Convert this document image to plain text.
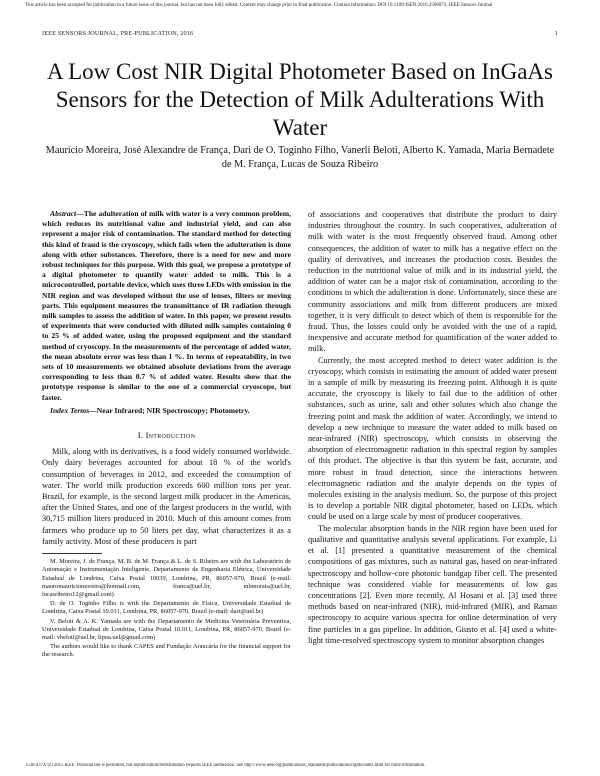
This article has been accepted for publication in a future issue of this journal, but has not been fully edited. Content may change prior to final publication. Citation information: DOI 10.1109/JSEN.2016.2506073, IEEE Sensors Journal
IEEE SENSORS JOURNAL, PRE-PUBLICATION, 2016	1
A Low Cost NIR Digital Photometer Based on InGaAs Sensors for the Detection of Milk Adulterations With Water
Maurício Moreira, José Alexandre de França, Dari de O. Toginho Filho, Vanerli Beloti, Alberto K. Yamada, Maria Bernadete de M. França, Lucas de Souza Ribeiro

Abstract—The adulteration of milk with water is a very common problem, which reduces its nutritional value and industrial yield, and can also represent a major risk of contamination. The standard method for detecting this kind of fraud is the cryoscopy, which fails when the adulteration is done along with other substances. Therefore, there is a need for new and more robust techniques for this purpose. With this goal, we propose a prototype of a digital photometer to quantify water added to milk. This is a microcontrolled, portable device, which uses three LEDs with emission in the NIR region and was developed without the use of lenses, filters or moving parts. This equipment measures the transmittance of IR radiation through milk samples to assess the addition of water. In this paper, we present results of experiments that were conducted with diluted milk samples containing 0 to 25 % of added water, using the proposed equipment and the standard method of cryoscopy. In the measurements of the percentage of added water, the mean absolute error was less than 1 %. In terms of repeatability, in two sets of 10 measurements we obtained absolute deviations from the average corresponding to less than 0.7 % of added water. Results show that the prototype response is similar to the one of a commercial cryoscope, but faster.

Index Terms—Near Infrared; NIR Spectroscopy; Photometry.

I. Introduction

Milk, along with its derivatives, is a food widely consumed worldwide. Only dairy beverages accounted for about 18 % of the world's consumption of beverages in 2012, and exceeded the consumption of water. The world milk production exceeds 600 million tons per year. Brazil, for example, is the second largest milk producer in the Americas, after the United States, and one of the largest producers in the world, with 30,715 million liters produced in 2010. Much of this amount comes from farmers who produce up to 50 liters per day, what characterizes it as a family activity. Most of these producers is part

M. Moreira, J. de França, M. B. de M. França & L. de S. Ribeiro are with the Laboratório de Automação e Instrumentação Inteligente, Departamento de Engenharia Elétrica, Universidade Estadual de Londrina, Caixa Postal 10039, Londrina, PR, 86057-970, Brazil (e-mail: mauromauriciomoreira@hotmail.com, franca@uel.br, mbmorais@uel.br, lucasribeiro12@gmail.com)

D. de O. Toginho Filho is with the Departamento de Física, Universidade Estadual de Londrina, Caixa Postal 10.011, Londrina, PR, 86057-970, Brazil (e-mail: dari@uel.br)

V. Beloti & A. K. Yamada are with the Departamento de Medicina Veterinária Preventiva, Universidade Estadual de Londrina, Caixa Postal 10.011, Londrina, PR, 86057-970, Brazil (e-mail: vbeloti@uel.br, lipoa.uel@gmail.com)

The authors would like to thank CAPES and Fundação Araucária for the financial support for the research.

of associations and cooperatives that distribute the product to dairy industries throughout the country. In such cooperatives, adulteration of milk with water is the most frequently observed fraud. Among other consequences, the addition of water to milk has a negative effect on the quality of derivatives, and increases the production costs. Besides the reduction in the nutritional value of milk and in its industrial yield, the addition of water can be a major risk of contamination, according to the conditions in which the adulteration is done. Unfortunately, since these are community associations and milk from different producers are mixed together, it is very difficult to detect which of them is responsible for the fraud. Thus, the losses could only be avoided with the use of a rapid, inexpensive and accurate method for quantification of the water added to milk.

Currently, the most accepted method to detect water addition is the cryoscopy, which consists in estimating the amount of added water present in a sample of milk by measuring its freezing point. Although it is quite accurate, the cryoscopy is likely to fail due to the addition of other substances, such as urine, salt and other solutes which also change the freezing point and mask the addition of water. Accordingly, we intend to develop a new technique to measure the water added to milk based on near-infrared (NIR) spectroscopy, which consists in observing the absorption of electromagnetic radiation in this spectral region by samples of this product. The objective is that this system be fast, accurate, and more robust in fraud detection, since the interactions between electromagnetic radiation and the analyte depends on the types of molecules existing in the analysis medium. So, the purpose of this project is to develop a portable NIR digital photometer, based on LEDs, which could be used on a large scale by most of producer cooperatives.

The molecular absorption bands in the NIR region have been used for qualitative and quantitative analysis several applications. For example, Li et al. [1] presented a quantitative measurement of the chemical compositions of gas mixtures, such as natural gas, based on near-infrared spectroscopy and hollow-core photonic bandgap fiber cell. The presented technique was considered viable for measurements of low gas concentrations [2]. Even more recently, Al Hosani et al. [3] used three methods based on near-infrared (NIR), mid-infrared (MIR), and Raman spectroscopy to acquire various spectra for online determination of very fine particles in a gas pipeline. In addition, Giusto et al. [4] used a white-light time-resolved spectroscopy system to monitor absorption changes

1530-437X (c) 2015 IEEE. Personal use is permitted, but republication/redistribution requires IEEE permission. See http://www.ieee.org/publications_standards/publications/rights/index.html for more information.
